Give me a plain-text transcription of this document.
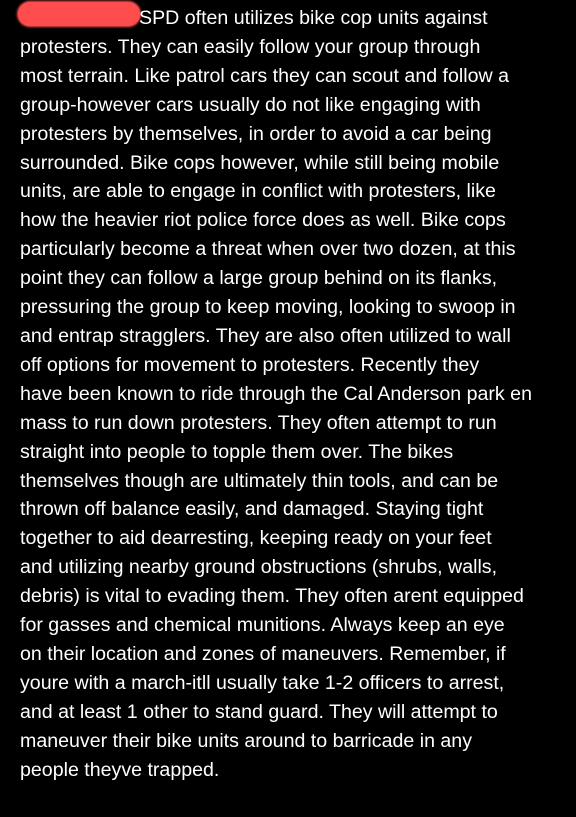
SPD often utilizes bike cop units against
protesters. They can easily follow your group through
most terrain. Like patrol cars they can scout and follow a
group-however cars usually do not like engaging with
protesters by themselves, in order to avoid a car being
surrounded. Bike cops however, while still being mobile
units, are able to engage in conflict with protesters, like
how the heavier riot police force does as well. Bike cops
particularly become a threat when over two dozen, at this
point they can follow a large group behind on its flanks,
pressuring the group to keep moving, looking to swoop in
and entrap stragglers. They are also often utilized to wall
off options for movement to protesters. Recently they
have been known to ride through the Cal Anderson park en
mass to run down protesters. They often attempt to run
straight into people to topple them over. The bikes
themselves though are ultimately thin tools, and can be
thrown off balance easily, and damaged. Staying tight
together to aid dearresting, keeping ready on your feet
and utilizing nearby ground obstructions (shrubs, walls,
debris) is vital to evading them. They often arent equipped
for gasses and chemical munitions. Always keep an eye
on their location and zones of maneuvers. Remember, if
youre with a march-itll usually take 1-2 officers to arrest,
and at least 1 other to stand guard. They will attempt to
maneuver their bike units around to barricade in any
people theyve trapped.
